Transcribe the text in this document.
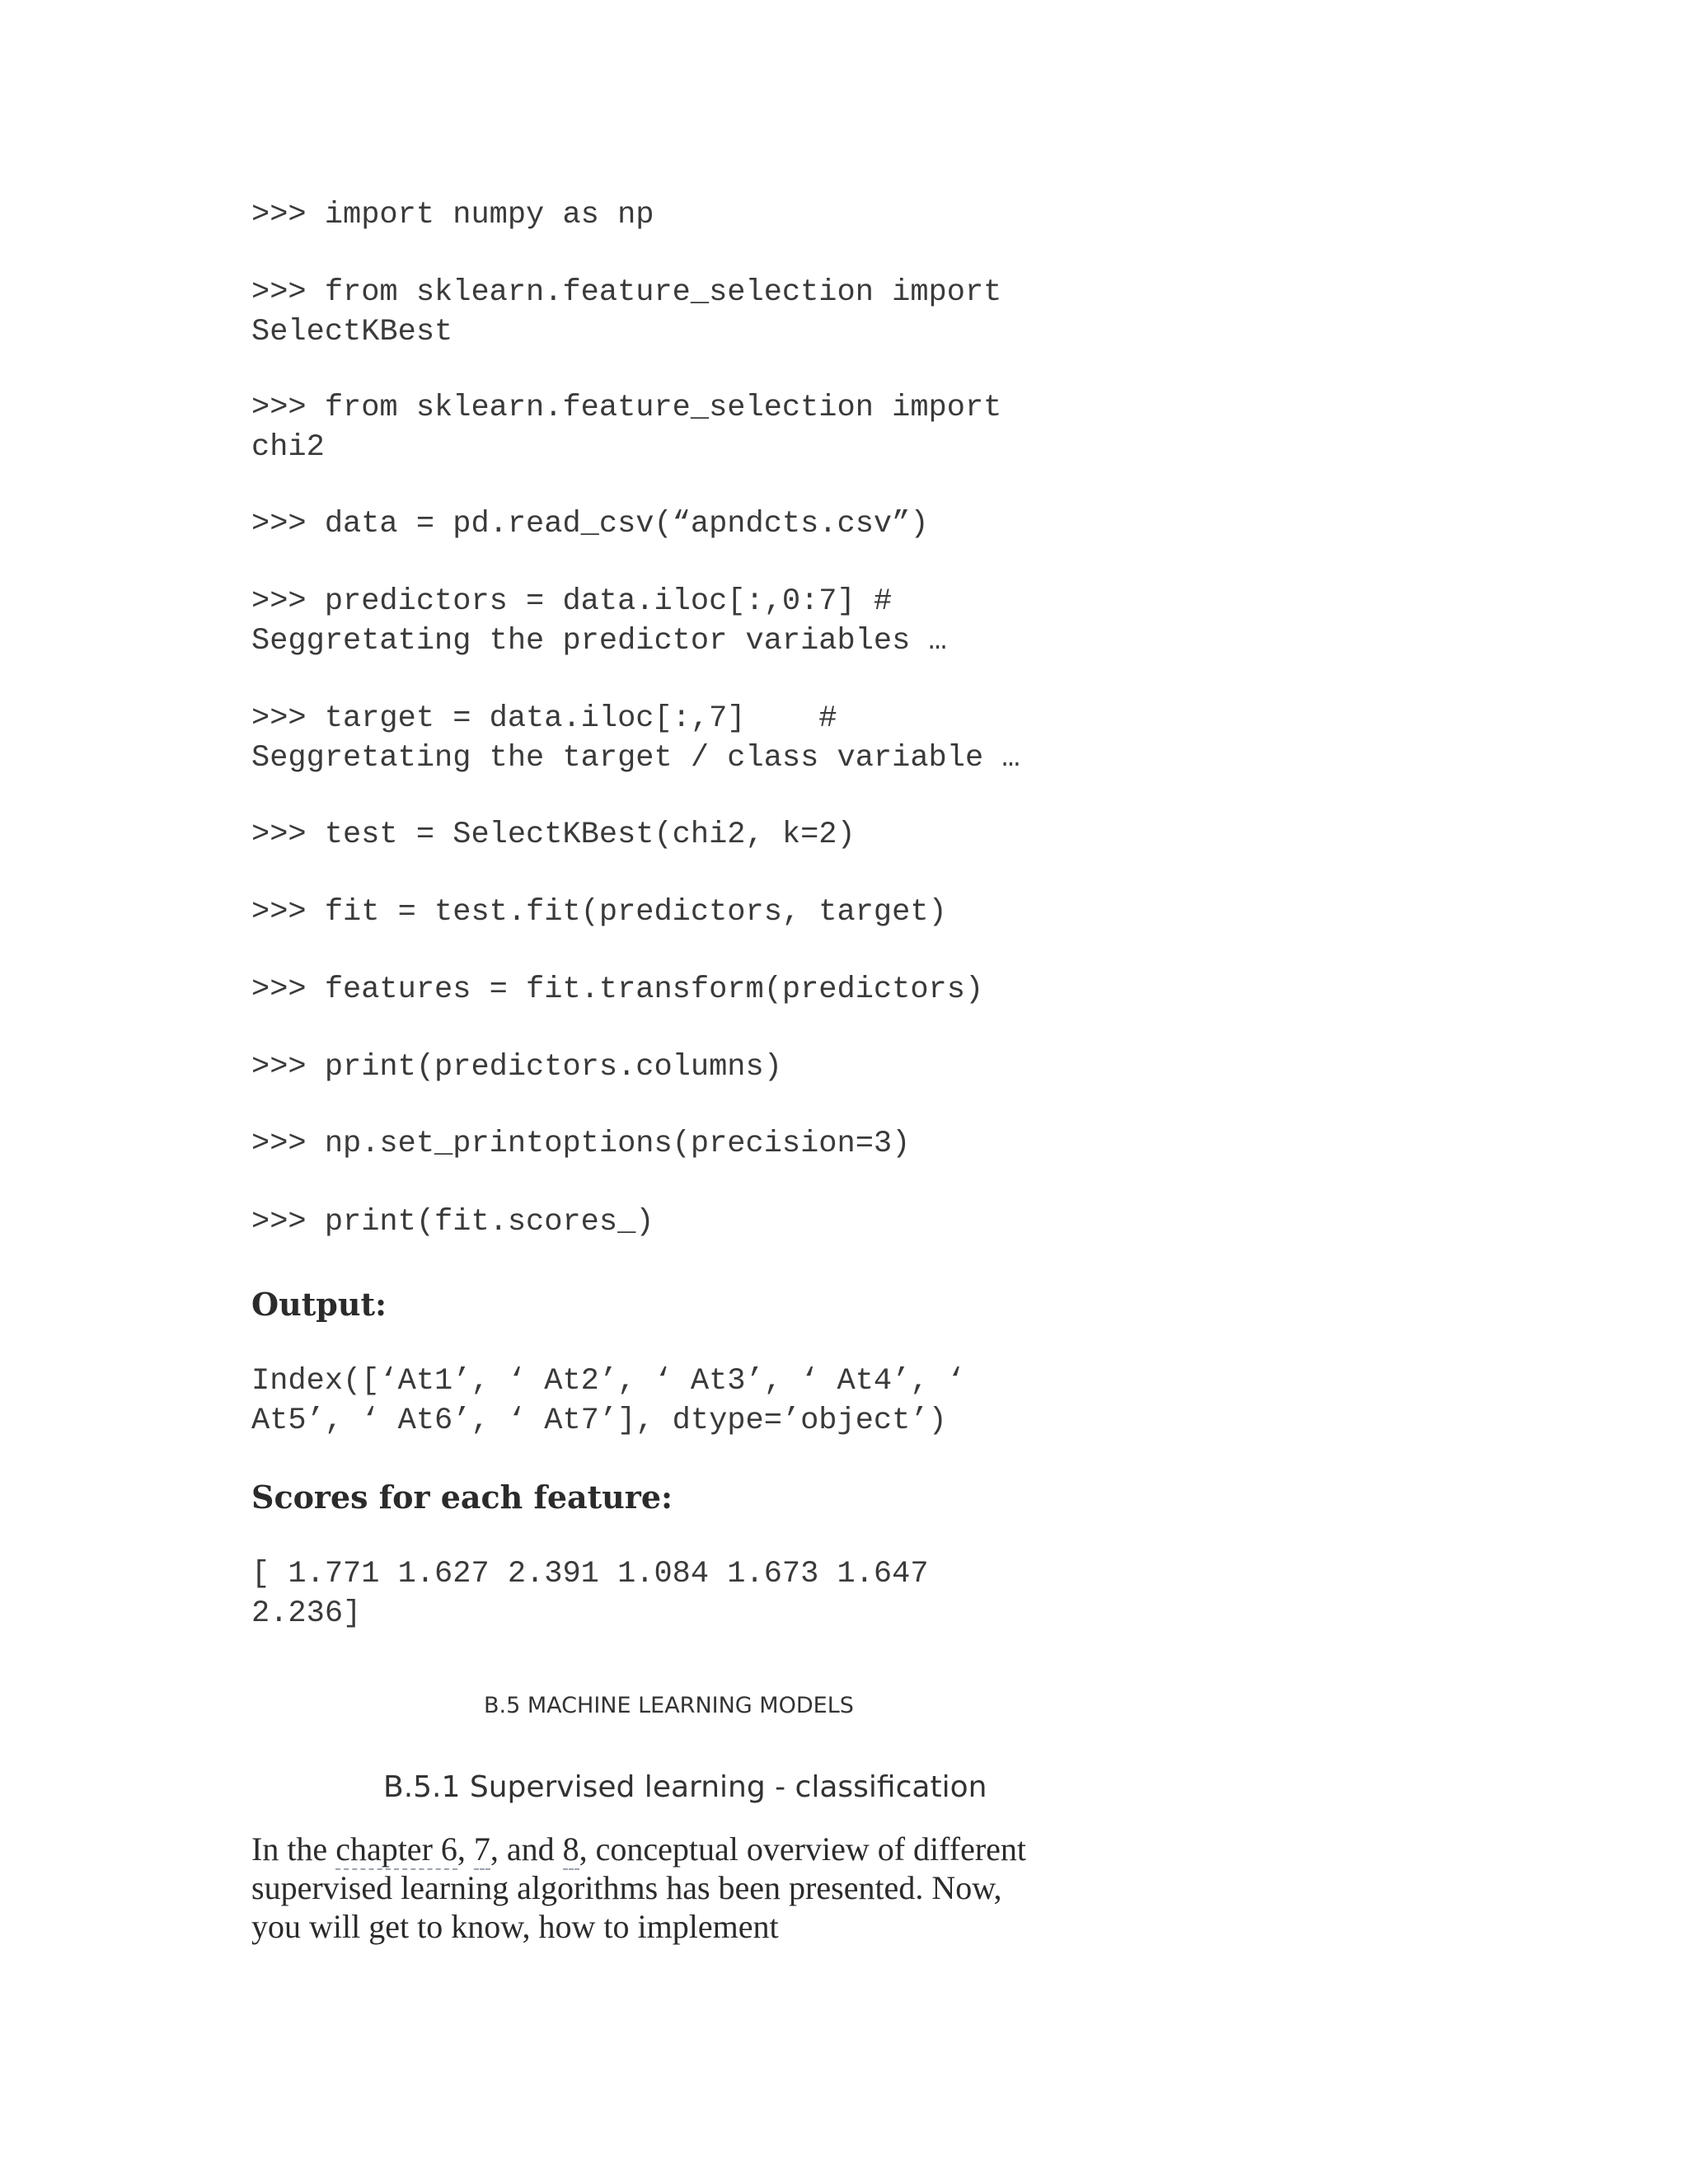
>>> import numpy as np
>>> from sklearn.feature_selection import
SelectKBest
>>> from sklearn.feature_selection import
chi2
>>> data = pd.read_csv(“apndcts.csv”)
>>> predictors = data.iloc[:,0:7] #
Seggretating the predictor variables …
>>> target = data.iloc[:,7]    #
Seggretating the target / class variable …
>>> test = SelectKBest(chi2, k=2)
>>> fit = test.fit(predictors, target)
>>> features = fit.transform(predictors)
>>> print(predictors.columns)
>>> np.set_printoptions(precision=3)
>>> print(fit.scores_)
Output:
Index([‘At1’, ‘ At2’, ‘ At3’, ‘ At4’, ‘
At5’, ‘ At6’, ‘ At7’], dtype=’object’)
Scores for each feature:
[ 1.771 1.627 2.391 1.084 1.673 1.647
2.236]
B.5 MACHINE LEARNING MODELS
B.5.1 Supervised learning - classification

In the chapter 6, 7, and 8, conceptual overview of different supervised learning algorithms has been presented. Now, you will get to know, how to implement
